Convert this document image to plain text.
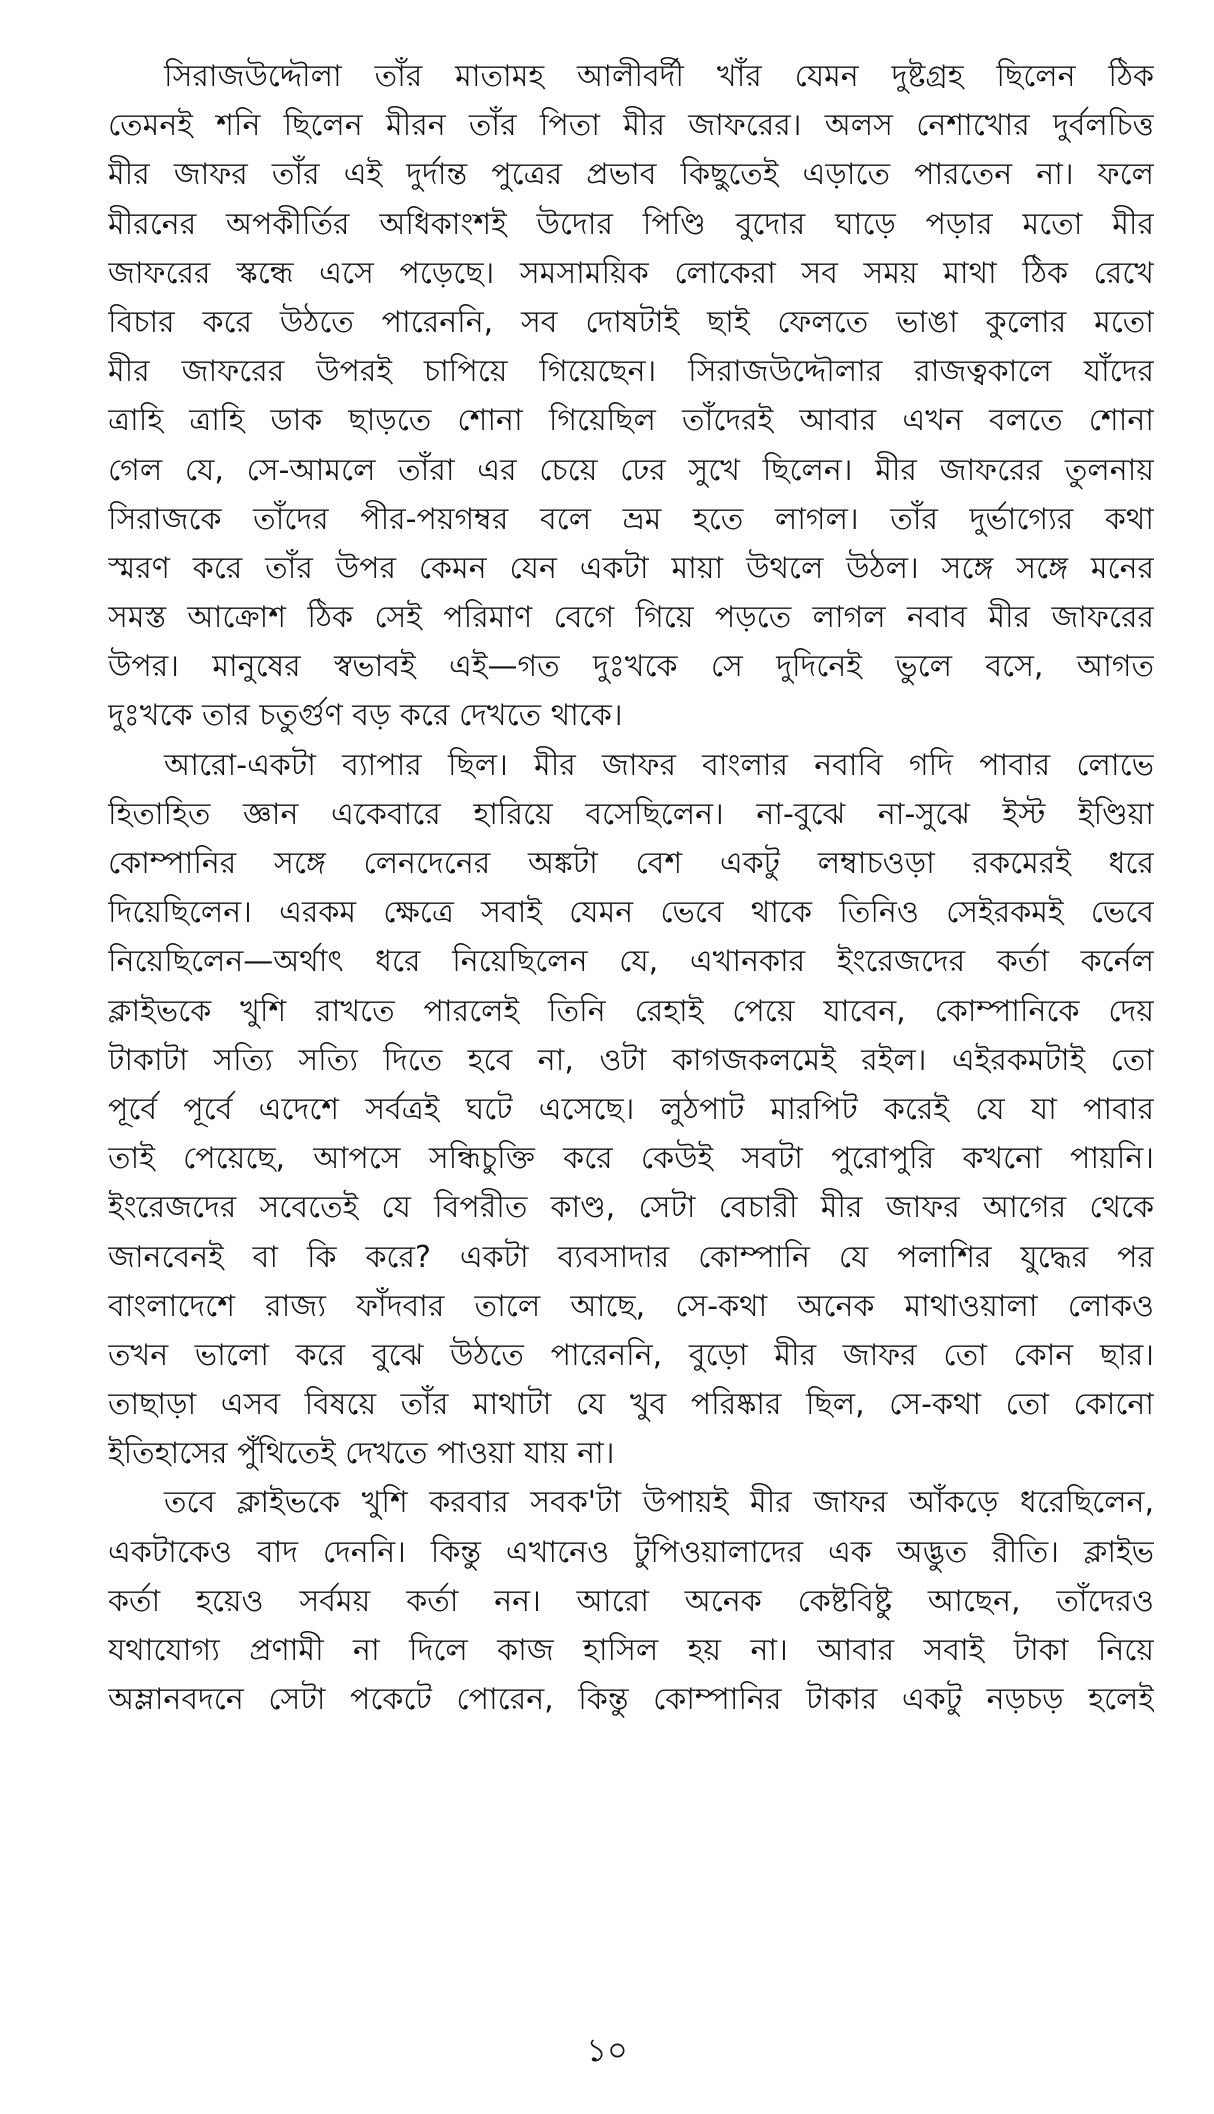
সিরাজউদ্দৌলা তাঁর মাতামহ আলীবর্দী খাঁর যেমন দুষ্টগ্রহ ছিলেন ঠিক
তেমনই শনি ছিলেন মীরন তাঁর পিতা মীর জাফরের। অলস নেশাখোর দুর্বলচিত্ত
মীর জাফর তাঁর এই দুর্দান্ত পুত্রের প্রভাব কিছুতেই এড়াতে পারতেন না। ফলে
মীরনের অপকীর্তির অধিকাংশই উদোর পিণ্ডি বুদোর ঘাড়ে পড়ার মতো মীর
জাফরের স্কন্ধে এসে পড়েছে। সমসাময়িক লোকেরা সব সময় মাথা ঠিক রেখে
বিচার করে উঠতে পারেননি, সব দোষটাই ছাই ফেলতে ভাঙা কুলোর মতো
মীর জাফরের উপরই চাপিয়ে গিয়েছেন। সিরাজউদ্দৌলার রাজত্বকালে যাঁদের
ত্রাহি ত্রাহি ডাক ছাড়তে শোনা গিয়েছিল তাঁদেরই আবার এখন বলতে শোনা
গেল যে, সে-আমলে তাঁরা এর চেয়ে ঢের সুখে ছিলেন। মীর জাফরের তুলনায়
সিরাজকে তাঁদের পীর-পয়গম্বর বলে ভ্রম হতে লাগল। তাঁর দুর্ভাগ্যের কথা
স্মরণ করে তাঁর উপর কেমন যেন একটা মায়া উথলে উঠল। সঙ্গে সঙ্গে মনের
সমস্ত আক্রোশ ঠিক সেই পরিমাণ বেগে গিয়ে পড়তে লাগল নবাব মীর জাফরের
উপর। মানুষের স্বভাবই এই—গত দুঃখকে সে দুদিনেই ভুলে বসে, আগত
দুঃখকে তার চতুর্গুণ বড় করে দেখতে থাকে।
আরো-একটা ব্যাপার ছিল। মীর জাফর বাংলার নবাবি গদি পাবার লোভে
হিতাহিত জ্ঞান একেবারে হারিয়ে বসেছিলেন। না-বুঝে না-সুঝে ইস্ট ইণ্ডিয়া
কোম্পানির সঙ্গে লেনদেনের অঙ্কটা বেশ একটু লম্বাচওড়া রকমেরই ধরে
দিয়েছিলেন। এরকম ক্ষেত্রে সবাই যেমন ভেবে থাকে তিনিও সেইরকমই ভেবে
নিয়েছিলেন—অর্থাৎ ধরে নিয়েছিলেন যে, এখানকার ইংরেজদের কর্তা কর্নেল
ক্লাইভকে খুশি রাখতে পারলেই তিনি রেহাই পেয়ে যাবেন, কোম্পানিকে দেয়
টাকাটা সত্যি সত্যি দিতে হবে না, ওটা কাগজকলমেই রইল। এইরকমটাই তো
পূর্বে পূর্বে এদেশে সর্বত্রই ঘটে এসেছে। লুঠপাট মারপিট করেই যে যা পাবার
তাই পেয়েছে, আপসে সন্ধিচুক্তি করে কেউই সবটা পুরোপুরি কখনো পায়নি।
ইংরেজদের সবেতেই যে বিপরীত কাণ্ড, সেটা বেচারী মীর জাফর আগের থেকে
জানবেনই বা কি করে? একটা ব্যবসাদার কোম্পানি যে পলাশির যুদ্ধের পর
বাংলাদেশে রাজ্য ফাঁদবার তালে আছে, সে-কথা অনেক মাথাওয়ালা লোকও
তখন ভালো করে বুঝে উঠতে পারেননি, বুড়ো মীর জাফর তো কোন ছার।
তাছাড়া এসব বিষয়ে তাঁর মাথাটা যে খুব পরিষ্কার ছিল, সে-কথা তো কোনো
ইতিহাসের পুঁথিতেই দেখতে পাওয়া যায় না।
তবে ক্লাইভকে খুশি করবার সবক'টা উপায়ই মীর জাফর আঁকড়ে ধরেছিলেন,
একটাকেও বাদ দেননি। কিন্তু এখানেও টুপিওয়ালাদের এক অদ্ভুত রীতি। ক্লাইভ
কর্তা হয়েও সর্বময় কর্তা নন। আরো অনেক কেষ্টবিষ্টু আছেন, তাঁদেরও
যথাযোগ্য প্রণামী না দিলে কাজ হাসিল হয় না। আবার সবাই টাকা নিয়ে
অম্লানবদনে সেটা পকেটে পোরেন, কিন্তু কোম্পানির টাকার একটু নড়চড় হলেই
১০
